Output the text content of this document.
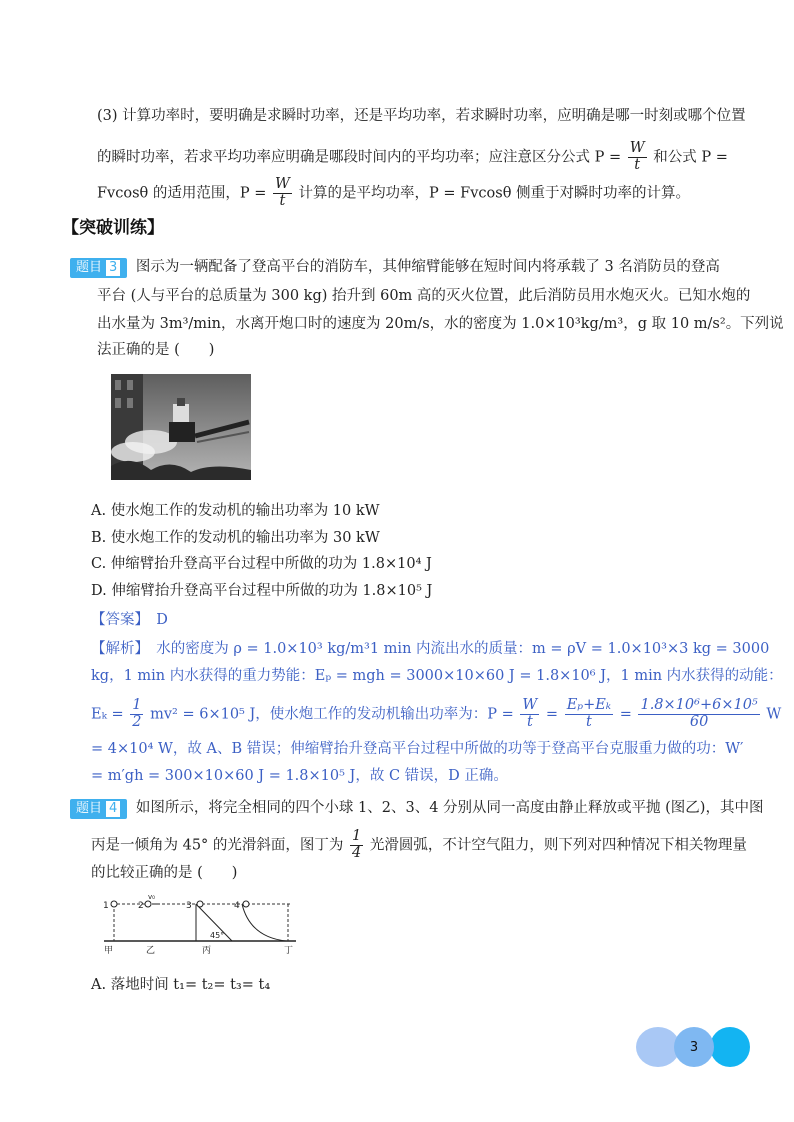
(3) 计算功率时，要明确是求瞬时功率，还是平均功率，若求瞬时功率，应明确是哪一时刻或哪个位置
的瞬时功率，若求平均功率应明确是哪段时间内的平均功率；应注意区分公式 $P = \frac{W}{t}$ 和公式 P =
Fvcosθ 的适用范围，$P = \frac{W}{t}$ 计算的是平均功率，P = Fvcosθ 侧重于对瞬时功率的计算。
【突破训练】
题目 3 图示为一辆配备了登高平台的消防车，其伸缩臂能够在短时间内将承载了 3 名消防员的登高
平台 (人与平台的总质量为 300 kg) 抬升到 60m 高的灭火位置，此后消防员用水炮灭火。已知水炮的
出水量为 3m³/min，水离开炮口时的速度为 20m/s，水的密度为 1.0×10³kg/m³，g 取 10 m/s²。下列说
法正确的是 (　　)
A. 使水炮工作的发动机的输出功率为 10 kW
B. 使水炮工作的发动机的输出功率为 30 kW
C. 伸缩臂抬升登高平台过程中所做的功为 1.8×10⁴ J
D. 伸缩臂抬升登高平台过程中所做的功为 1.8×10⁵ J
【答案】　D
【解析】　水的密度为 ρ = 1.0×10³ kg/m³1 min 内流出水的质量：m = ρV = 1.0×10³×3 kg = 3000
kg，1 min 内水获得的重力势能：Eₚ = mgh = 3000×10×60 J = 1.8×10⁶ J，1 min 内水获得的动能：
$E_k = \frac{1}{2} mv^2 = 6\times 10^5$ J，使水炮工作的发动机输出功率为：$P = \frac{W}{t} = \frac{\text{Eₚ+Eₖ}}{t} = \frac{\text{1.8×10⁶+6×10⁵}}{60}$ W
= 4×10⁴ W，故 A、B 错误；伸缩臂抬升登高平台过程中所做的功等于登高平台克服重力做的功：W′
= m′gh = 300×10×60 J = 1.8×10⁵ J，故 C 错误，D 正确。
题目 4 如图所示，将完全相同的四个小球 1、2、3、4 分别从同一高度由静止释放或平抛 (图乙)，其中图
丙是一倾角为 45° 的光滑斜面，图丁为 $\frac{1}{4}$ 光滑圆弧，不计空气阻力，则下列对四种情况下相关物理量
的比较正确的是 (　　)
1	2
v₀
3
45°
4
甲	乙	丙	丁
A. 落地时间 t₁= t₂= t₃= t₄
3
